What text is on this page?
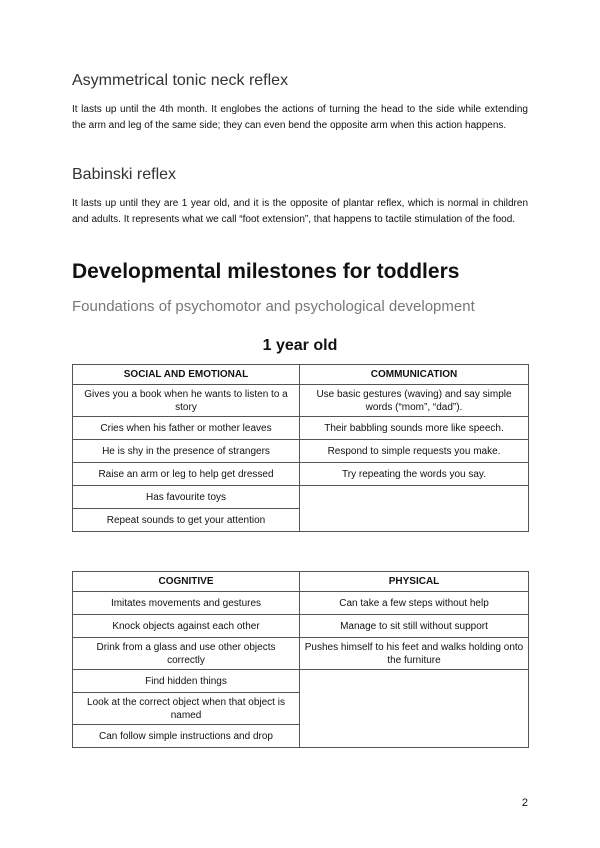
Asymmetrical tonic neck reflex
It lasts up until the 4th month. It englobes the actions of turning the head to the side while extending the arm and leg of the same side; they can even bend the opposite arm when this action happens.
Babinski reflex
It lasts up until they are 1 year old, and it is the opposite of plantar reflex, which is normal in children and adults. It represents what we call “foot extension”, that happens to tactile stimulation of the food.
Developmental milestones for toddlers
Foundations of psychomotor and psychological development
1 year old
SOCIAL AND EMOTIONAL	COMMUNICATION
Gives you a book when he wants to listen to a story	Use basic gestures (waving) and say simple words (“mom”, “dad”).
Cries when his father or mother leaves	Their babbling sounds more like speech.
He is shy in the presence of strangers	Respond to simple requests you make.
Raise an arm or leg to help get dressed	Try repeating the words you say.
Has favourite toys	
Repeat sounds to get your attention	
COGNITIVE	PHYSICAL
Imitates movements and gestures	Can take a few steps without help
Knock objects against each other	Manage to sit still without support
Drink from a glass and use other objects correctly	Pushes himself to his feet and walks holding onto the furniture
Find hidden things	
Look at the correct object when that object is named	
Can follow simple instructions and drop	
2
